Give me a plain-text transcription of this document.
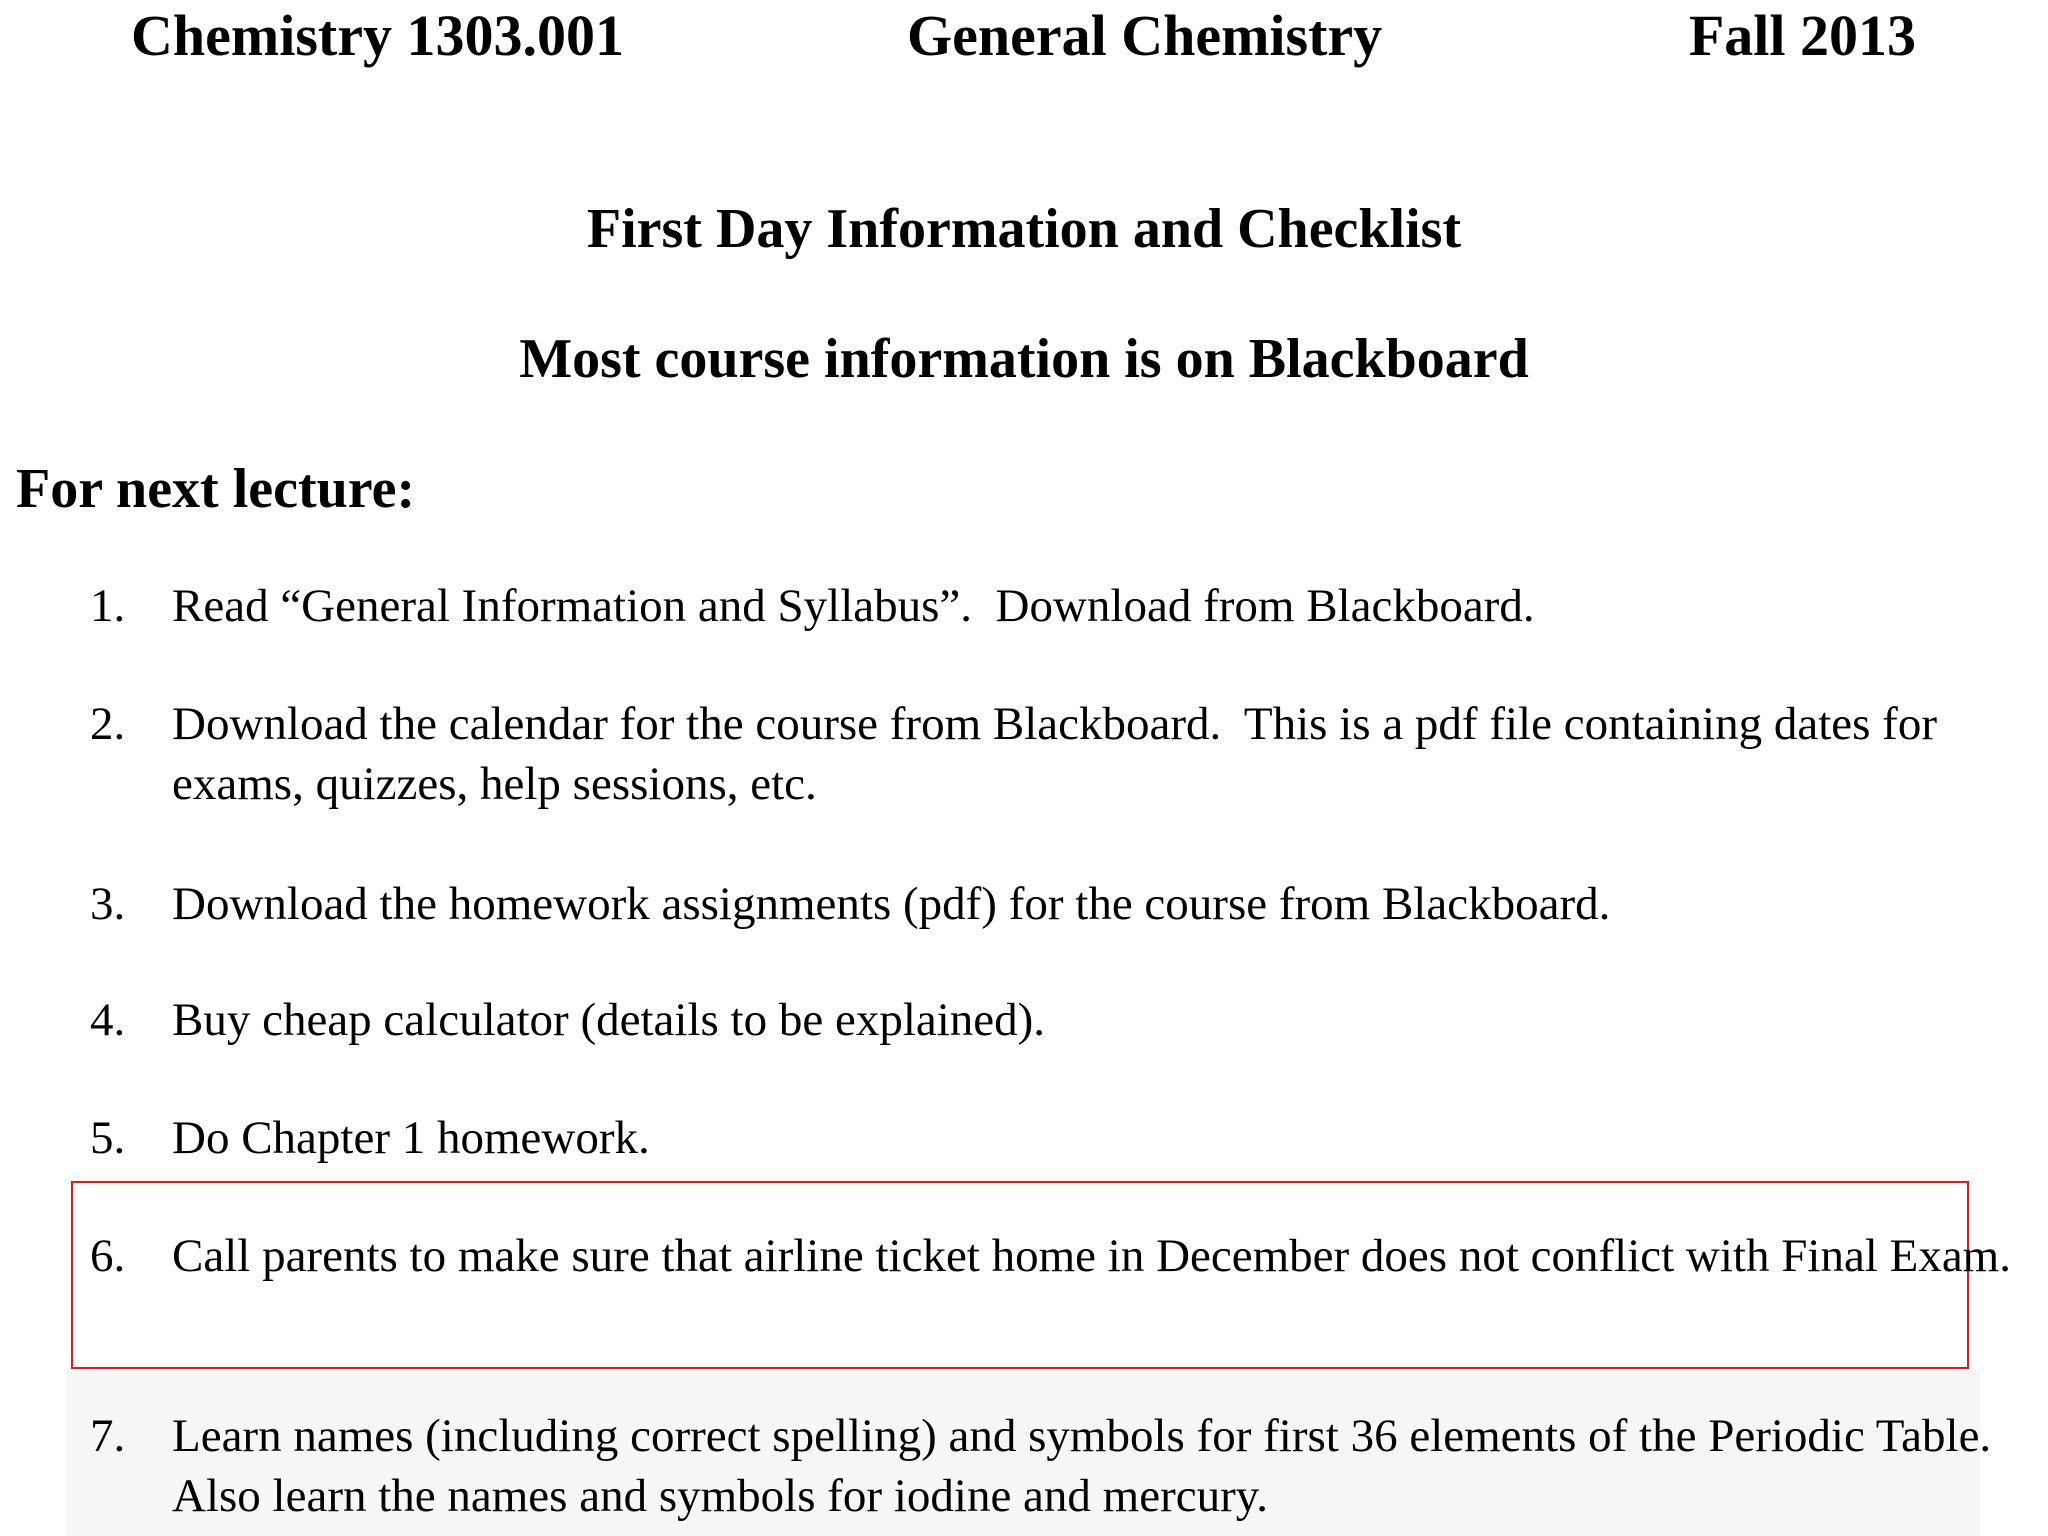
Chemistry 1303.001	General Chemistry	Fall 2013
First Day Information and Checklist
Most course information is on Blackboard
For next lecture:
1. Read “General Information and Syllabus”.  Download from Blackboard.
2. Download the calendar for the course from Blackboard.  This is a pdf file containing dates for exams, quizzes, help sessions, etc.
3. Download the homework assignments (pdf) for the course from Blackboard.
4. Buy cheap calculator (details to be explained).
5. Do Chapter 1 homework.
6. Call parents to make sure that airline ticket home in December does not conflict with Final Exam.
7. Learn names (including correct spelling) and symbols for first 36 elements of the Periodic Table.  Also learn the names and symbols for iodine and mercury.
